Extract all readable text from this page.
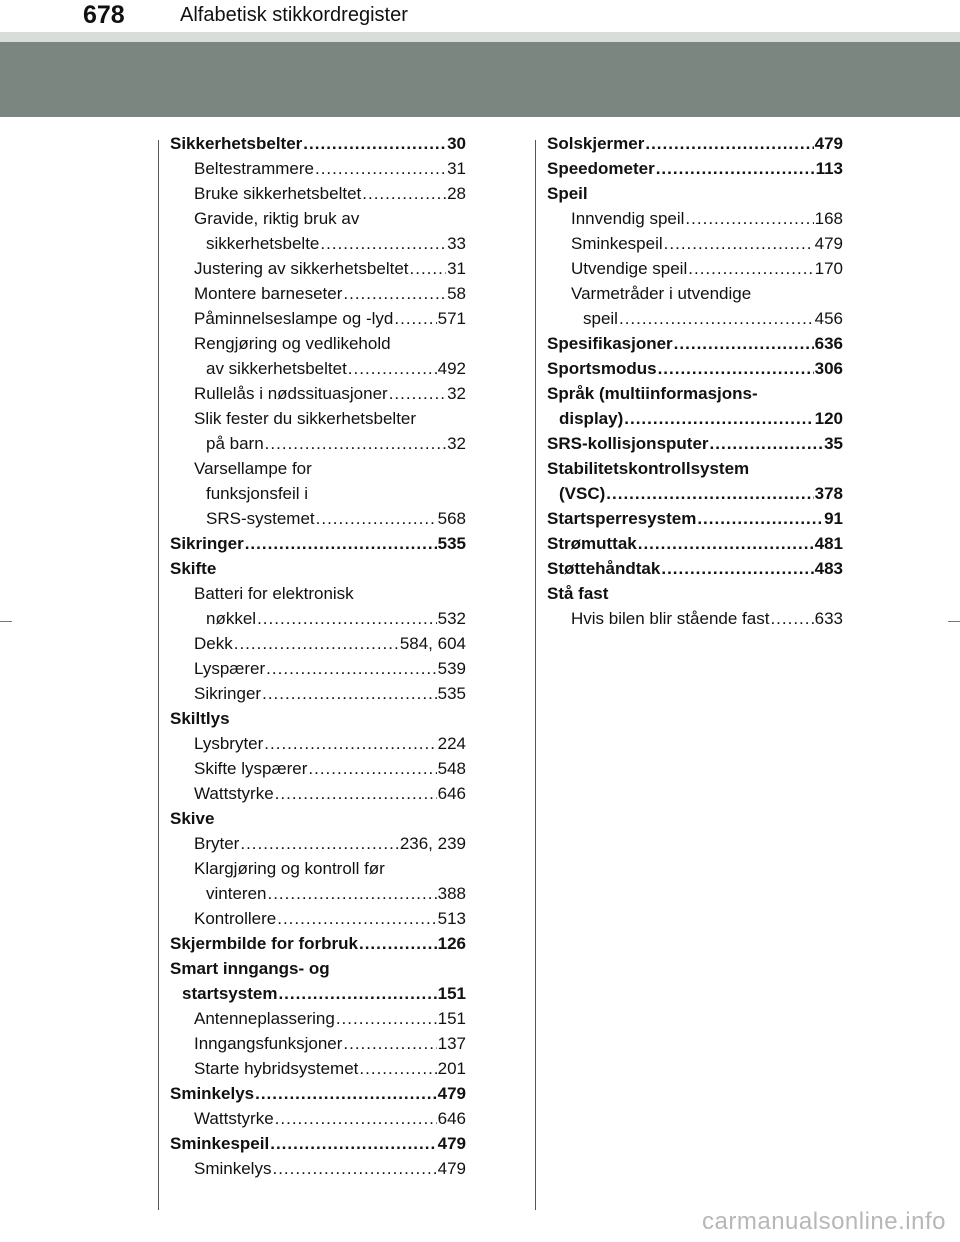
678	Alfabetisk stikkordregister
Sikkerhetsbelter .....	30
Beltestrammere .....	31
Bruke sikkerhetsbeltet .....	28
Gravide, riktig bruk av
sikkerhetsbelte .....	33
Justering av sikkerhetsbeltet ..... 31
Montere barneseter .....	58
Påminnelseslampe og -lyd .....	571
Rengjøring og vedlikehold
av sikkerhetsbeltet .....	492
Rullelås i nødssituasjoner .....	32
Slik fester du sikkerhetsbelter
på barn .....	32
Varsellampe for
funksjonsfeil i
SRS-systemet .....	568
Sikringer .....	535
Skifte
Batteri for elektronisk
nøkkel .....	532
Dekk .....	584, 604
Lyspærer .....	539
Sikringer .....	535
Skiltlys
Lysbryter .....	224
Skifte lyspærer .....	548
Wattstyrke .....	646
Skive
Bryter .....	236, 239
Klargjøring og kontroll før
vinteren .....	388
Kontrollere .....	513
Skjermbilde for forbruk .....	126
Smart inngangs- og
startsystem .....	151
Antenneplassering .....	151
Inngangsfunksjoner .....	137
Starte hybridsystemet .....	201
Sminkelys .....	479
Wattstyrke .....	646
Sminkespeil .....	479
Sminkelys .....	479
Solskjermer .....	479
Speedometer .....	113
Speil
Innvendig speil .....	168
Sminkespeil .....	479
Utvendige speil .....	170
Varmetråder i utvendige
speil .....	456
Spesifikasjoner .....	636
Sportsmodus .....	306
Språk (multiinformasjons-
display) .....	120
SRS-kollisjonsputer .....	35
Stabilitetskontrollsystem
(VSC) .....	378
Startsperresystem .....	91
Strømuttak .....	481
Støttehåndtak .....	483
Stå fast
Hvis bilen blir stående fast .....	633
carmanualsonline.info
